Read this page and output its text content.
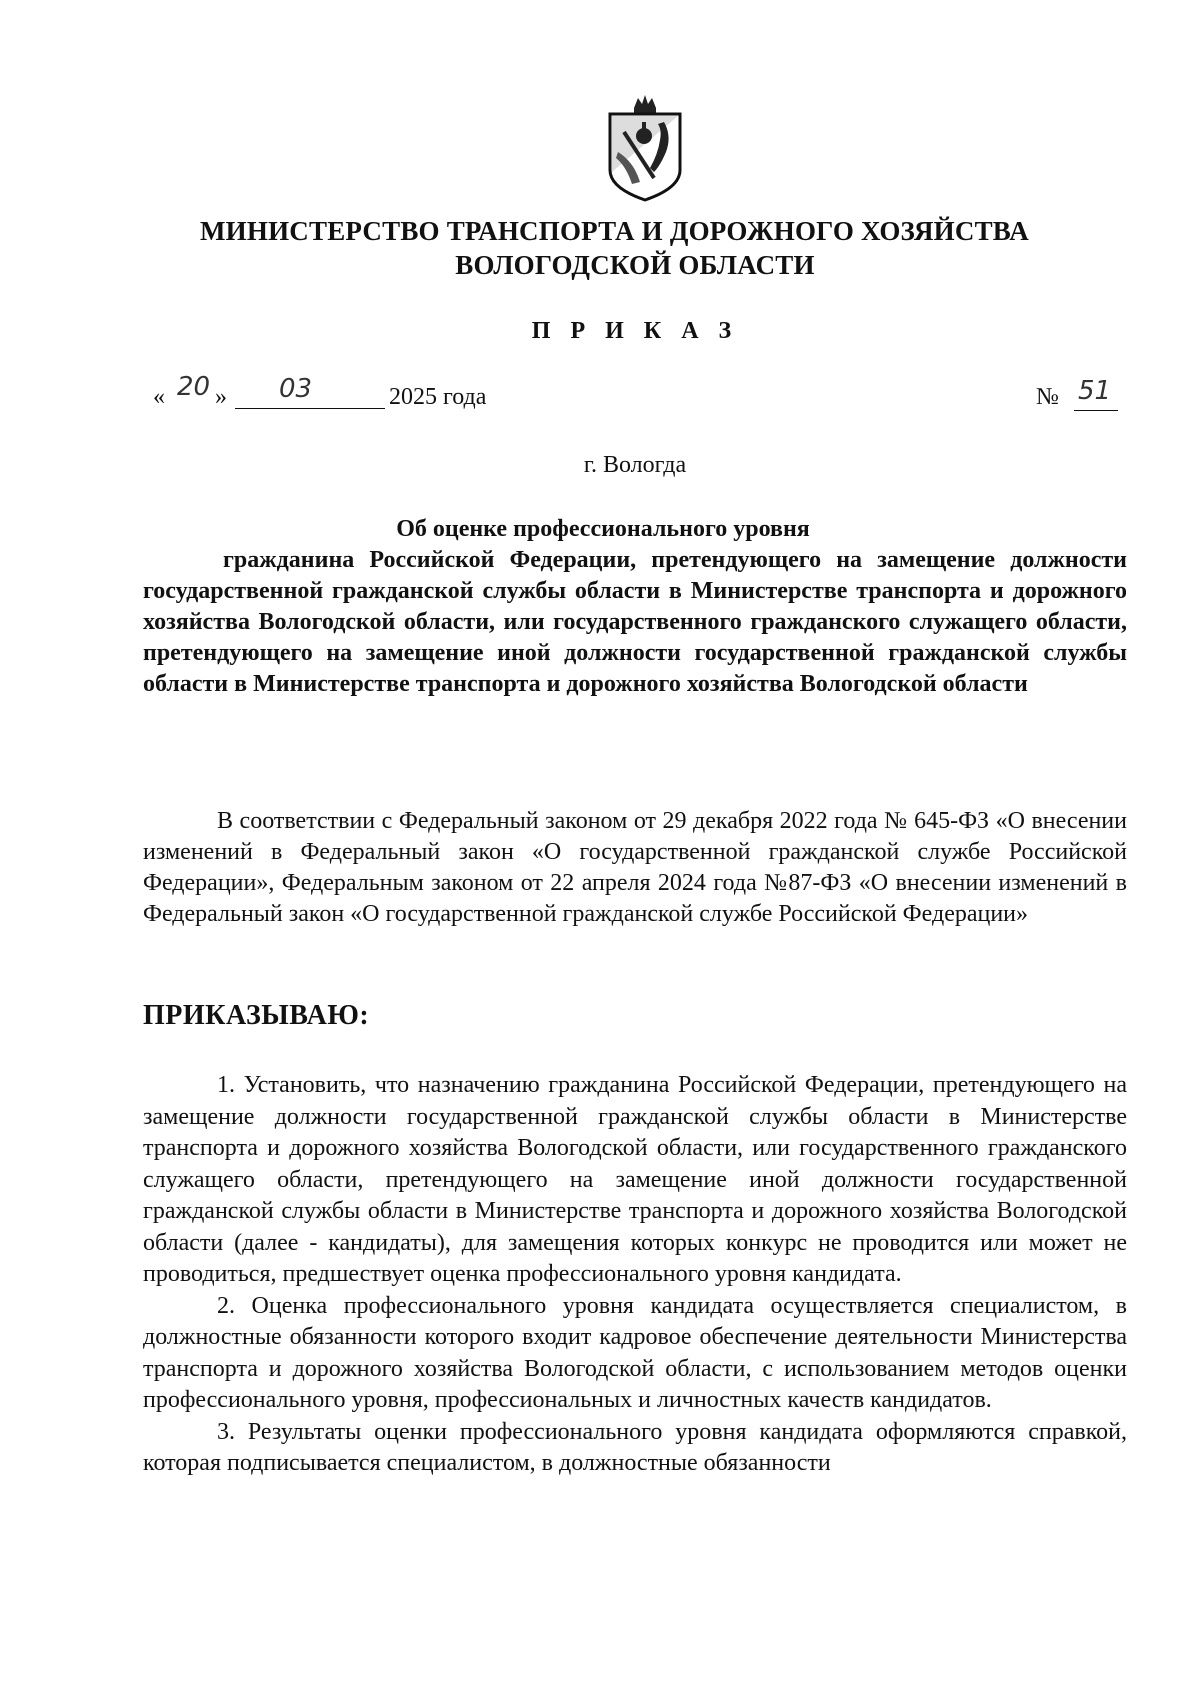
МИНИСТЕРСТВО ТРАНСПОРТА И ДОРОЖНОГО ХОЗЯЙСТВА
ВОЛОГОДСКОЙ ОБЛАСТИ
П Р И К А З
« 20 » 03	2025 года	№ 51
г. Вологда
Об оценке профессионального уровня
гражданина Российской Федерации, претендующего на замещение должности государственной гражданской службы области в Министерстве транспорта и дорожного хозяйства Вологодской области, или государственного гражданского служащего области, претендующего на замещение иной должности государственной гражданской службы области в Министерстве транспорта и дорожного хозяйства Вологодской области
В соответствии с Федеральный законом от 29 декабря 2022 года № 645-ФЗ «О внесении изменений в Федеральный закон «О государственной гражданской службе Российской Федерации», Федеральным законом от 22 апреля 2024 года №87-ФЗ «О внесении изменений в Федеральный закон «О государственной гражданской службе Российской Федерации»
ПРИКАЗЫВАЮ:

1. Установить, что назначению гражданина Российской Федерации, претендующего на замещение должности государственной гражданской службы области в Министерстве транспорта и дорожного хозяйства Вологодской области, или государственного гражданского служащего области, претендующего на замещение иной должности государственной гражданской службы области в Министерстве транспорта и дорожного хозяйства Вологодской области (далее - кандидаты), для замещения которых конкурс не проводится или может не проводиться, предшествует оценка профессионального уровня кандидата.

2. Оценка профессионального уровня кандидата осуществляется специалистом, в должностные обязанности которого входит кадровое обеспечение деятельности Министерства транспорта и дорожного хозяйства Вологодской области, с использованием методов оценки профессионального уровня, профессиональных и личностных качеств кандидатов.

3. Результаты оценки профессионального уровня кандидата оформляются справкой, которая подписывается специалистом, в должностные обязанности
